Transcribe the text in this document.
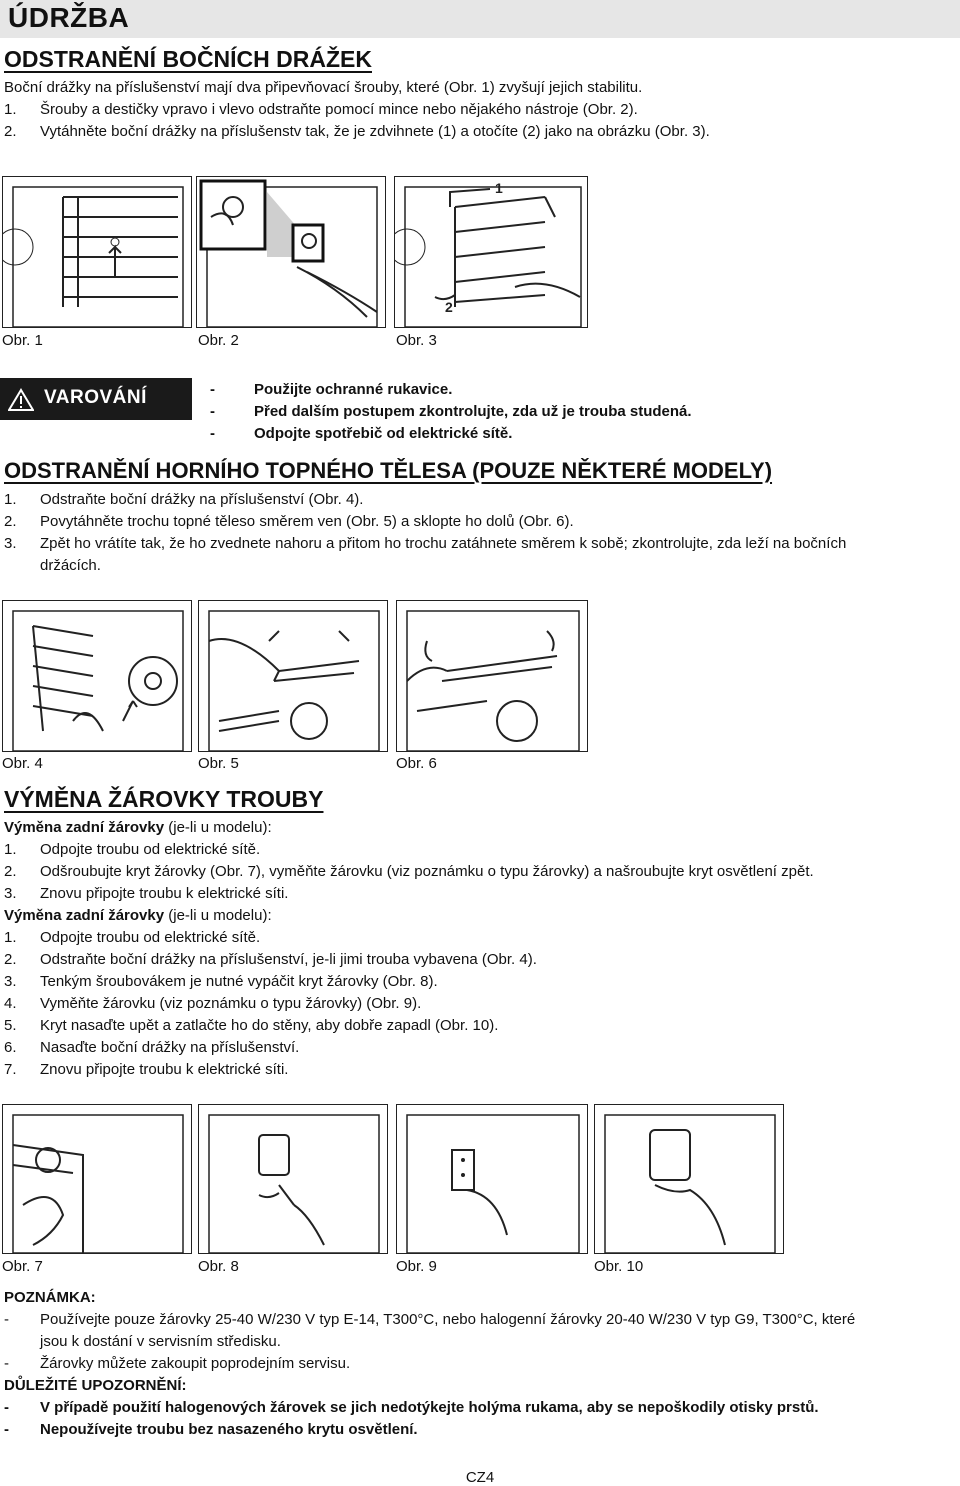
ÚDRŽBA
ODSTRANĚNÍ BOČNÍCH DRÁŽEK
Boční drážky na příslušenství mají dva připevňovací šrouby, které (Obr. 1) zvyšují jejich stabilitu.
1. Šrouby a destičky vpravo i vlevo odstraňte pomocí mince nebo nějakého nástroje (Obr. 2).
2. Vytáhněte boční drážky na příslušenstv tak, že je zdvihnete (1) a otočíte (2) jako na obrázku (Obr. 3).
1
2
Obr. 1	Obr. 2	Obr. 3
VAROVÁNÍ	-	Použijte ochranné rukavice.
-	Před dalším postupem zkontrolujte, zda už je trouba studená.
-	Odpojte spotřebič od elektrické sítě.
ODSTRANĚNÍ HORNÍHO TOPNÉHO TĚLESA (POUZE NĚKTERÉ MODELY)
1. Odstraňte boční drážky na příslušenství (Obr. 4).
2. Povytáhněte trochu topné těleso směrem ven (Obr. 5) a sklopte ho dolů (Obr. 6).
3. Zpět ho vrátíte tak, že ho zvednete nahoru a přitom ho trochu zatáhnete směrem k sobě; zkontrolujte, zda leží na bočních
držácích.
Obr. 4	Obr. 5	Obr. 6
VÝMĚNA ŽÁROVKY TROUBY
Výměna zadní žárovky (je-li u modelu):
1. Odpojte troubu od elektrické sítě.
2. Odšroubujte kryt žárovky (Obr. 7), vyměňte žárovku (viz poznámku o typu žárovky) a našroubujte kryt osvětlení zpět.
3. Znovu připojte troubu k elektrické síti.
Výměna zadní žárovky (je-li u modelu):
1. Odpojte troubu od elektrické sítě.
2. Odstraňte boční drážky na příslušenství, je-li jimi trouba vybavena (Obr. 4).
3. Tenkým šroubovákem je nutné vypáčit kryt žárovky (Obr. 8).
4. Vyměňte žárovku (viz poznámku o typu žárovky) (Obr. 9).
5. Kryt nasaďte upět a zatlačte ho do stěny, aby dobře zapadl (Obr. 10).
6. Nasaďte boční drážky na příslušenství.
7. Znovu připojte troubu k elektrické síti.
Obr. 7	Obr. 8	Obr. 9	Obr. 10
POZNÁMKA:
- Používejte pouze žárovky 25-40 W/230 V typ E-14, T300°C, nebo halogenní žárovky 20-40 W/230 V typ G9, T300°C, které
jsou k dostání v servisním středisku.
- Žárovky můžete zakoupit poprodejním servisu.
DŮLEŽITÉ UPOZORNĚNÍ:
- V případě použití halogenových žárovek se jich nedotýkejte holýma rukama, aby se nepoškodily otisky prstů.
- Nepoužívejte troubu bez nasazeného krytu osvětlení.
CZ4
